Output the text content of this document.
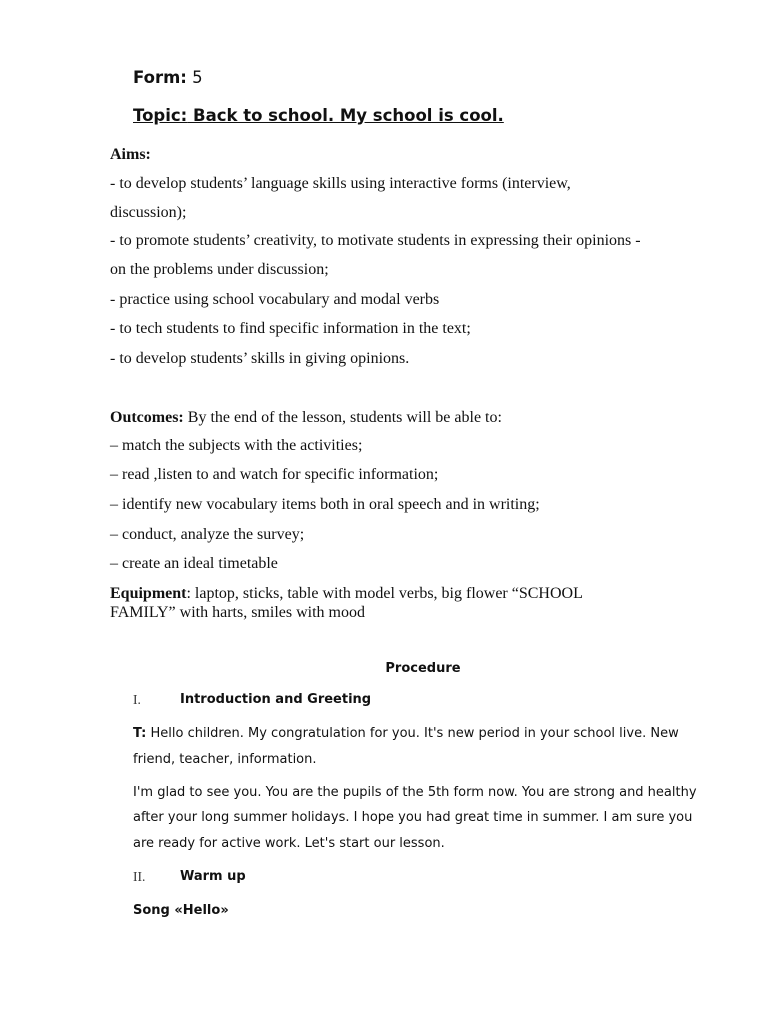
Form: 5

Topic: Back to school. My school is cool.

Aims:

- to develop students’ language skills using interactive forms (interview,

discussion);

- to promote students’ creativity, to motivate students in expressing their opinions -

on the problems under discussion;

- practice using school vocabulary and modal verbs

- to tech students to find specific information in the text;

- to develop students’ skills in giving opinions.

Outcomes: By the end of the lesson, students will be able to:

– match the subjects with the activities;

– read ,listen to and watch for specific information;

– identify new vocabulary items both in oral speech and in writing;

– conduct, analyze the survey;

– create an ideal timetable

Equipment: laptop, sticks, table with model verbs, big flower “SCHOOL

FAMILY” with harts, smiles with mood

Procedure

I.	Introduction and Greeting

T: Hello children. My congratulation for you. It's new period in your school live. New

friend, teacher, information.

I'm glad to see you. You are the pupils of the 5th form now. You are strong and healthy

after your long summer holidays. I hope you had great time in summer. I am sure you

are ready for active work. Let's start our lesson.

II.	Warm up

Song «Hello»
